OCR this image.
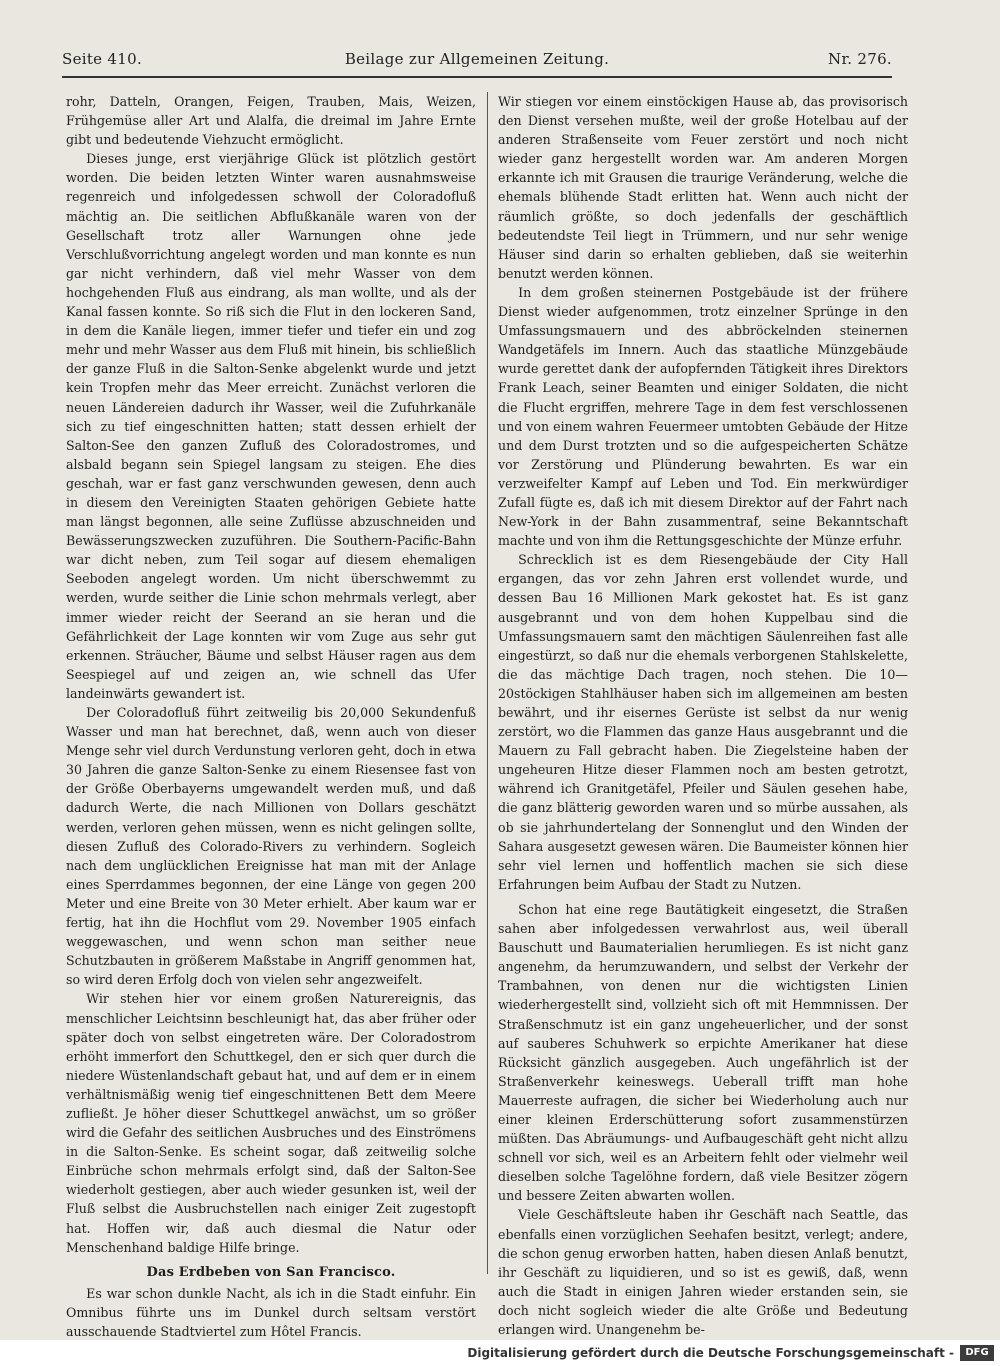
Seite 410.	Beilage zur Allgemeinen Zeitung.	Nr. 276.

rohr, Datteln, Orangen, Feigen, Trauben, Mais, Weizen, Frühgemüse aller Art und Alalfa, die dreimal im Jahre Ernte gibt und bedeutende Viehzucht ermöglicht.

Dieses junge, erst vierjährige Glück ist plötzlich gestört worden. Die beiden letzten Winter waren ausnahmsweise regenreich und infolgedessen schwoll der Coloradofluß mächtig an. Die seitlichen Abflußkanäle waren von der Gesellschaft trotz aller Warnungen ohne jede Verschlußvorrichtung angelegt worden und man konnte es nun gar nicht verhindern, daß viel mehr Wasser von dem hochgehenden Fluß aus eindrang, als man wollte, und als der Kanal fassen konnte. So riß sich die Flut in den lockeren Sand, in dem die Kanäle liegen, immer tiefer und tiefer ein und zog mehr und mehr Wasser aus dem Fluß mit hinein, bis schließlich der ganze Fluß in die Salton-Senke abgelenkt wurde und jetzt kein Tropfen mehr das Meer erreicht. Zunächst verloren die neuen Ländereien dadurch ihr Wasser, weil die Zufuhrkanäle sich zu tief eingeschnitten hatten; statt dessen erhielt der Salton-See den ganzen Zufluß des Coloradostromes, und alsbald begann sein Spiegel langsam zu steigen. Ehe dies geschah, war er fast ganz verschwunden gewesen, denn auch in diesem den Vereinigten Staaten gehörigen Gebiete hatte man längst begonnen, alle seine Zuflüsse abzuschneiden und Bewässerungszwecken zuzuführen. Die Southern-Pacific-Bahn war dicht neben, zum Teil sogar auf diesem ehemaligen Seeboden angelegt worden. Um nicht überschwemmt zu werden, wurde seither die Linie schon mehrmals verlegt, aber immer wieder reicht der Seerand an sie heran und die Gefährlichkeit der Lage konnten wir vom Zuge aus sehr gut erkennen. Sträucher, Bäume und selbst Häuser ragen aus dem Seespiegel auf und zeigen an, wie schnell das Ufer landeinwärts gewandert ist.

Der Coloradofluß führt zeitweilig bis 20,000 Sekundenfuß Wasser und man hat berechnet, daß, wenn auch von dieser Menge sehr viel durch Verdunstung verloren geht, doch in etwa 30 Jahren die ganze Salton-Senke zu einem Riesensee fast von der Größe Oberbayerns umgewandelt werden muß, und daß dadurch Werte, die nach Millionen von Dollars geschätzt werden, verloren gehen müssen, wenn es nicht gelingen sollte, diesen Zufluß des Colorado-Rivers zu verhindern. Sogleich nach dem unglücklichen Ereignisse hat man mit der Anlage eines Sperrdammes begonnen, der eine Länge von gegen 200 Meter und eine Breite von 30 Meter erhielt. Aber kaum war er fertig, hat ihn die Hochflut vom 29. November 1905 einfach weggewaschen, und wenn schon man seither neue Schutzbauten in größerem Maßstabe in Angriff genommen hat, so wird deren Erfolg doch von vielen sehr angezweifelt.

Wir stehen hier vor einem großen Naturereignis, das menschlicher Leichtsinn beschleunigt hat, das aber früher oder später doch von selbst eingetreten wäre. Der Coloradostrom erhöht immerfort den Schuttkegel, den er sich quer durch die niedere Wüstenlandschaft gebaut hat, und auf dem er in einem verhältnismäßig wenig tief eingeschnittenen Bett dem Meere zufließt. Je höher dieser Schuttkegel anwächst, um so größer wird die Gefahr des seitlichen Ausbruches und des Einströmens in die Salton-Senke. Es scheint sogar, daß zeitweilig solche Einbrüche schon mehrmals erfolgt sind, daß der Salton-See wiederholt gestiegen, aber auch wieder gesunken ist, weil der Fluß selbst die Ausbruchstellen nach einiger Zeit zugestopft hat. Hoffen wir, daß auch diesmal die Natur oder Menschenhand baldige Hilfe bringe.

Das Erdbeben von San Francisco.

Es war schon dunkle Nacht, als ich in die Stadt einfuhr. Ein Omnibus führte uns im Dunkel durch seltsam verstört ausschauende Stadtviertel zum Hôtel Francis.

Wir stiegen vor einem einstöckigen Hause ab, das provisorisch den Dienst versehen mußte, weil der große Hotelbau auf der anderen Straßenseite vom Feuer zerstört und noch nicht wieder ganz hergestellt worden war. Am anderen Morgen erkannte ich mit Grausen die traurige Veränderung, welche die ehemals blühende Stadt erlitten hat. Wenn auch nicht der räumlich größte, so doch jedenfalls der geschäftlich bedeutendste Teil liegt in Trümmern, und nur sehr wenige Häuser sind darin so erhalten geblieben, daß sie weiterhin benutzt werden können.

In dem großen steinernen Postgebäude ist der frühere Dienst wieder aufgenommen, trotz einzelner Sprünge in den Umfassungsmauern und des abbröckelnden steinernen Wandgetäfels im Innern. Auch das staatliche Münzgebäude wurde gerettet dank der aufopfernden Tätigkeit ihres Direktors Frank Leach, seiner Beamten und einiger Soldaten, die nicht die Flucht ergriffen, mehrere Tage in dem fest verschlossenen und von einem wahren Feuermeer umtobten Gebäude der Hitze und dem Durst trotzten und so die aufgespeicherten Schätze vor Zerstörung und Plünderung bewahrten. Es war ein verzweifelter Kampf auf Leben und Tod. Ein merkwürdiger Zufall fügte es, daß ich mit diesem Direktor auf der Fahrt nach New-York in der Bahn zusammentraf, seine Bekanntschaft machte und von ihm die Rettungsgeschichte der Münze erfuhr.

Schrecklich ist es dem Riesengebäude der City Hall ergangen, das vor zehn Jahren erst vollendet wurde, und dessen Bau 16 Millionen Mark gekostet hat. Es ist ganz ausgebrannt und von dem hohen Kuppelbau sind die Umfassungsmauern samt den mächtigen Säulenreihen fast alle eingestürzt, so daß nur die ehemals verborgenen Stahlskelette, die das mächtige Dach tragen, noch stehen. Die 10—20stöckigen Stahlhäuser haben sich im allgemeinen am besten bewährt, und ihr eisernes Gerüste ist selbst da nur wenig zerstört, wo die Flammen das ganze Haus ausgebrannt und die Mauern zu Fall gebracht haben. Die Ziegelsteine haben der ungeheuren Hitze dieser Flammen noch am besten getrotzt, während ich Granitgetäfel, Pfeiler und Säulen gesehen habe, die ganz blätterig geworden waren und so mürbe aussahen, als ob sie jahrhundertelang der Sonnenglut und den Winden der Sahara ausgesetzt gewesen wären. Die Baumeister können hier sehr viel lernen und hoffentlich machen sie sich diese Erfahrungen beim Aufbau der Stadt zu Nutzen.

Schon hat eine rege Bautätigkeit eingesetzt, die Straßen sahen aber infolgedessen verwahrlost aus, weil überall Bauschutt und Baumaterialien herumliegen. Es ist nicht ganz angenehm, da herumzuwandern, und selbst der Verkehr der Trambahnen, von denen nur die wichtigsten Linien wiederhergestellt sind, vollzieht sich oft mit Hemmnissen. Der Straßenschmutz ist ein ganz ungeheuerlicher, und der sonst auf sauberes Schuhwerk so erpichte Amerikaner hat diese Rücksicht gänzlich ausgegeben. Auch ungefährlich ist der Straßenverkehr keineswegs. Ueberall trifft man hohe Mauerreste aufragen, die sicher bei Wiederholung auch nur einer kleinen Erderschütterung sofort zusammenstürzen müßten. Das Abräumungs- und Aufbaugeschäft geht nicht allzu schnell vor sich, weil es an Arbeitern fehlt oder vielmehr weil dieselben solche Tagelöhne fordern, daß viele Besitzer zögern und bessere Zeiten abwarten wollen.

Viele Geschäftsleute haben ihr Geschäft nach Seattle, das ebenfalls einen vorzüglichen Seehafen besitzt, verlegt; andere, die schon genug erworben hatten, haben diesen Anlaß benutzt, ihr Geschäft zu liquidieren, und so ist es gewiß, daß, wenn auch die Stadt in einigen Jahren wieder erstanden sein, sie doch nicht sogleich wieder die alte Größe und Bedeutung erlangen wird. Unangenehm be-

Digitalisierung gefördert durch die Deutsche Forschungsgemeinschaft -	DFG
